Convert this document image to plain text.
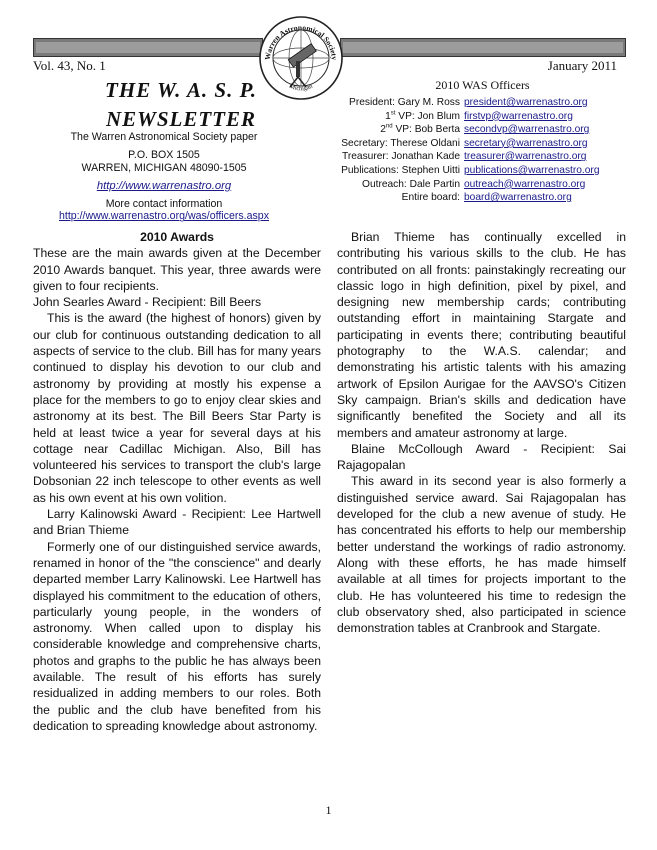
Warren Astronomical Society
Michigan
Vol. 43, No. 1	January 2011
THE W. A. S. P.
NEWSLETTER
The Warren Astronomical Society paper
P.O. BOX 1505
WARREN, MICHIGAN 48090-1505
http://www.warrenastro.org
More contact information
http://www.warrenastro.org/was/officers.aspx
2010 WAS Officers
President: Gary M. Ross president@warrenastro.org
1st VP: Jon Blum firstvp@warrenastro.org
2nd VP: Bob Berta secondvp@warrenastro.org
Secretary: Therese Oldani secretary@warrenastro.org
Treasurer: Jonathan Kade treasurer@warrenastro.org
Publications: Stephen Uitti publications@warrenastro.org
Outreach: Dale Partin outreach@warrenastro.org
Entire board: board@warrenastro.org

2010 Awards

These are the main awards given at the December 2010 Awards banquet. This year, three awards were given to four recipients.

John Searles Award - Recipient: Bill Beers

This is the award (the highest of honors) given by our club for continuous outstanding dedication to all aspects of service to the club. Bill has for many years continued to display his devotion to our club and astronomy by providing at mostly his expense a place for the members to go to enjoy clear skies and astronomy at its best. The Bill Beers Star Party is held at least twice a year for several days at his cottage near Cadillac Michigan. Also, Bill has volunteered his services to transport the club's large Dobsonian 22 inch telescope to other events as well as his own event at his own volition.

Larry Kalinowski Award - Recipient: Lee Hartwell and Brian Thieme

Formerly one of our distinguished service awards, renamed in honor of the "the conscience" and dearly departed member Larry Kalinowski. Lee Hartwell has displayed his commitment to the education of others, particularly young people, in the wonders of astronomy. When called upon to display his considerable knowledge and comprehensive charts, photos and graphs to the public he has always been available. The result of his efforts has surely residualized in adding members to our roles. Both the public and the club have benefited from his dedication to spreading knowledge about astronomy.

Brian Thieme has continually excelled in contributing his various skills to the club. He has contributed on all fronts: painstakingly recreating our classic logo in high definition, pixel by pixel, and designing new membership cards; contributing outstanding effort in maintaining Stargate and participating in events there; contributing beautiful photography to the W.A.S. calendar; and demonstrating his artistic talents with his amazing artwork of Epsilon Aurigae for the AAVSO's Citizen Sky campaign. Brian's skills and dedication have significantly benefited the Society and all its members and amateur astronomy at large.

Blaine McCollough Award - Recipient: Sai Rajagopalan

This award in its second year is also formerly a distinguished service award. Sai Rajagopalan has developed for the club a new avenue of study. He has concentrated his efforts to help our membership better understand the workings of radio astronomy. Along with these efforts, he has made himself available at all times for projects important to the club. He has volunteered his time to redesign the club observatory shed, also participated in science demonstration tables at Cranbrook and Stargate.

1
